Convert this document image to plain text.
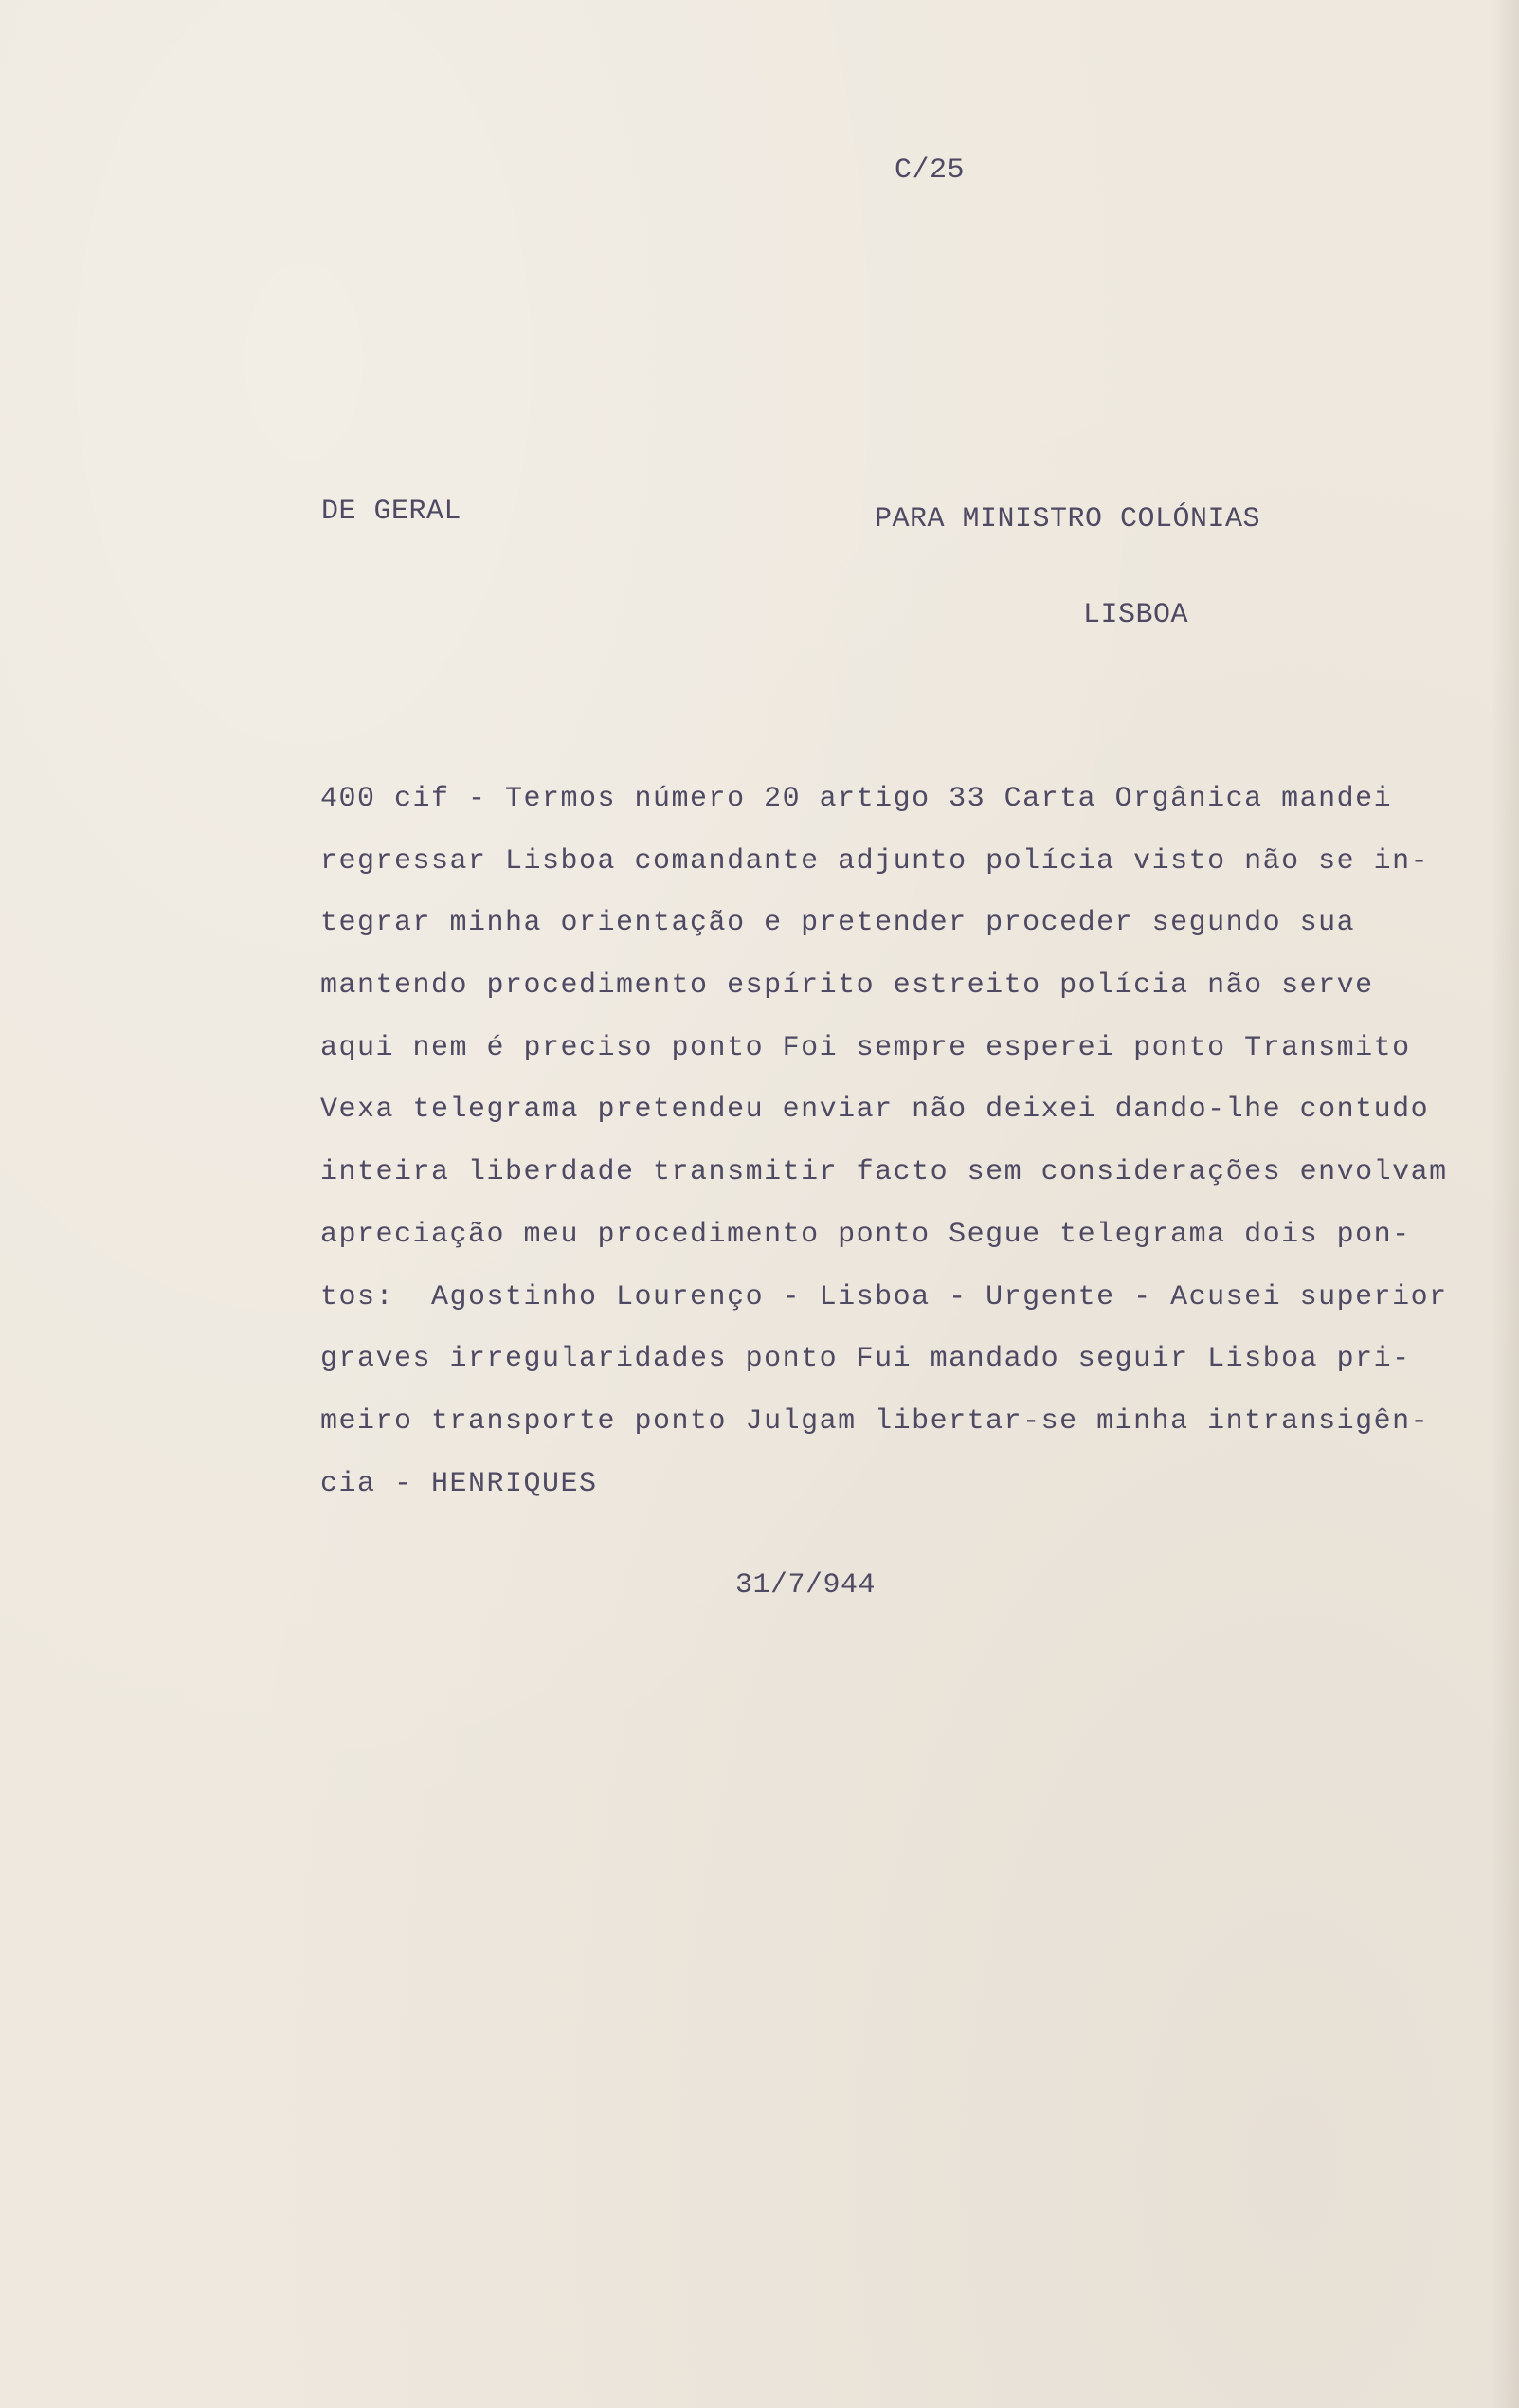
C/25

DE GERAL	PARA MINISTRO COLÓNIAS

LISBOA

400 cif - Termos número 20 artigo 33 Carta Orgânica mandei
regressar Lisboa comandante adjunto polícia visto não se in-
tegrar minha orientação e pretender proceder segundo sua
mantendo procedimento espírito estreito polícia não serve
aqui nem é preciso ponto Foi sempre esperei ponto Transmito
Vexa telegrama pretendeu enviar não deixei dando-lhe contudo
inteira liberdade transmitir facto sem considerações envolvam
apreciação meu procedimento ponto Segue telegrama dois pon-
tos:  Agostinho Lourenço - Lisboa - Urgente - Acusei superior
graves irregularidades ponto Fui mandado seguir Lisboa pri-
meiro transporte ponto Julgam libertar-se minha intransigên-
cia - HENRIQUES

31/7/944
